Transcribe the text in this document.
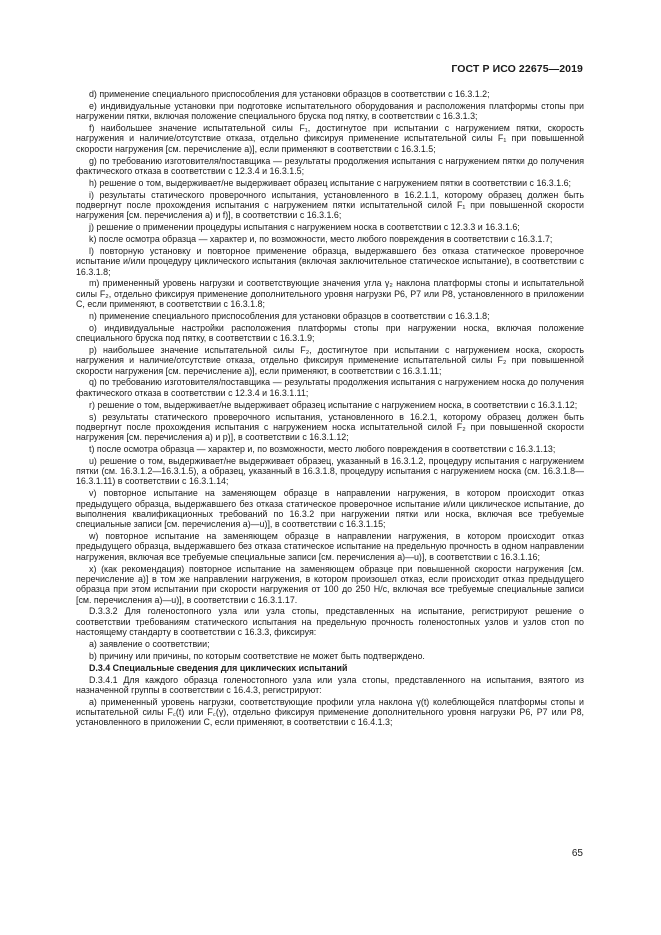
ГОСТ Р ИСО 22675—2019

d) применение специального приспособления для установки образцов в соответствии с 16.3.1.2;

e) индивидуальные установки при подготовке испытательного оборудования и расположения платформы стопы при нагружении пятки, включая положение специального бруска под пятку, в соответствии с 16.3.1.3;

f) наибольшее значение испытательной силы F₁, достигнутое при испытании с нагружением пятки, скорость нагружения и наличие/отсутствие отказа, отдельно фиксируя применение испытательной силы F₁ при повышенной скорости нагружения [см. перечисление а)], если применяют в соответствии с 16.3.1.5;

g) по требованию изготовителя/поставщика — результаты продолжения испытания с нагружением пятки до получения фактического отказа в соответствии с 12.3.4 и 16.3.1.5;

h) решение о том, выдерживает/не выдерживает образец испытание с нагружением пятки в соответствии с 16.3.1.6;

i) результаты статического проверочного испытания, установленного в 16.2.1.1, которому образец должен быть подвергнут после прохождения испытания с нагружением пятки испытательной силой F₁ при повышенной скорости нагружения [см. перечисления а) и f)], в соответствии с 16.3.1.6;

j) решение о применении процедуры испытания с нагружением носка в соответствии с 12.3.3 и 16.3.1.6;

k) после осмотра образца — характер и, по возможности, место любого повреждения в соответствии с 16.3.1.7;

l) повторную установку и повторное применение образца, выдержавшего без отказа статическое проверочное испытание и/или процедуру циклического испытания (включая заключительное статическое испытание), в соответствии с 16.3.1.8;

m) примененный уровень нагрузки и соответствующие значения угла γ₂ наклона платформы стопы и испытательной силы F₂, отдельно фиксируя применение дополнительного уровня нагрузки P6, P7 или P8, установленного в приложении C, если применяют, в соответствии с 16.3.1.8;

n) применение специального приспособления для установки образцов в соответствии с 16.3.1.8;

o) индивидуальные настройки расположения платформы стопы при нагружении носка, включая положение специального бруска под пятку, в соответствии с 16.3.1.9;

p) наибольшее значение испытательной силы F₂, достигнутое при испытании с нагружением носка, скорость нагружения и наличие/отсутствие отказа, отдельно фиксируя применение испытательной силы F₂ при повышенной скорости нагружения [см. перечисление а)], если применяют, в соответствии с 16.3.1.11;

q) по требованию изготовителя/поставщика — результаты продолжения испытания с нагружением носка до получения фактического отказа в соответствии с 12.3.4 и 16.3.1.11;

r) решение о том, выдерживает/не выдерживает образец испытание с нагружением носка, в соответствии с 16.3.1.12;

s) результаты статического проверочного испытания, установленного в 16.2.1, которому образец должен быть подвергнут после прохождения испытания с нагружением носка испытательной силой F₂ при повышенной скорости нагружения [см. перечисления а) и р)], в соответствии с 16.3.1.12;

t) после осмотра образца — характер и, по возможности, место любого повреждения в соответствии с 16.3.1.13;

u) решение о том, выдерживает/не выдерживает образец, указанный в 16.3.1.2, процедуру испытания с нагружением пятки (см. 16.3.1.2—16.3.1.5), а образец, указанный в 16.3.1.8, процедуру испытания с нагружением носка (см. 16.3.1.8—16.3.1.11) в соответствии с 16.3.1.14;

v) повторное испытание на заменяющем образце в направлении нагружения, в котором происходит отказ предыдущего образца, выдержавшего без отказа статическое проверочное испытание и/или циклическое испытание, до выполнения квалификационных требований по 16.3.2 при нагружении пятки или носка, включая все требуемые специальные записи [см. перечисления а)—u)], в соответствии с 16.3.1.15;

w) повторное испытание на заменяющем образце в направлении нагружения, в котором происходит отказ предыдущего образца, выдержавшего без отказа статическое испытание на предельную прочность в одном направлении нагружения, включая все требуемые специальные записи [см. перечисления а)—u)], в соответствии с 16.3.1.16;

x) (как рекомендация) повторное испытание на заменяющем образце при повышенной скорости нагружения [см. перечисление а)] в том же направлении нагружения, в котором произошел отказ, если происходит отказ предыдущего образца при этом испытании при скорости нагружения от 100 до 250 Н/с, включая все требуемые специальные записи [см. перечисления а)—u)], в соответствии с 16.3.1.17.

D.3.3.2 Для голеностопного узла или узла стопы, представленных на испытание, регистрируют решение о соответствии требованиям статического испытания на предельную прочность голеностопных узлов и узлов стоп по настоящему стандарту в соответствии с 16.3.3, фиксируя:

a) заявление о соответствии;

b) причину или причины, по которым соответствие не может быть подтверждено.

D.3.4 Специальные сведения для циклических испытаний

D.3.4.1 Для каждого образца голеностопного узла или узла стопы, представленного на испытания, взятого из назначенной группы в соответствии с 16.4.3, регистрируют:

a) примененный уровень нагрузки, соответствующие профили угла наклона γ(t) колеблющейся платформы стопы и испытательной силы F꜀(t) или F꜀(γ), отдельно фиксируя применение дополнительного уровня нагрузки P6, P7 или P8, установленного в приложении C, если применяют, в соответствии с 16.4.1.3;

65
